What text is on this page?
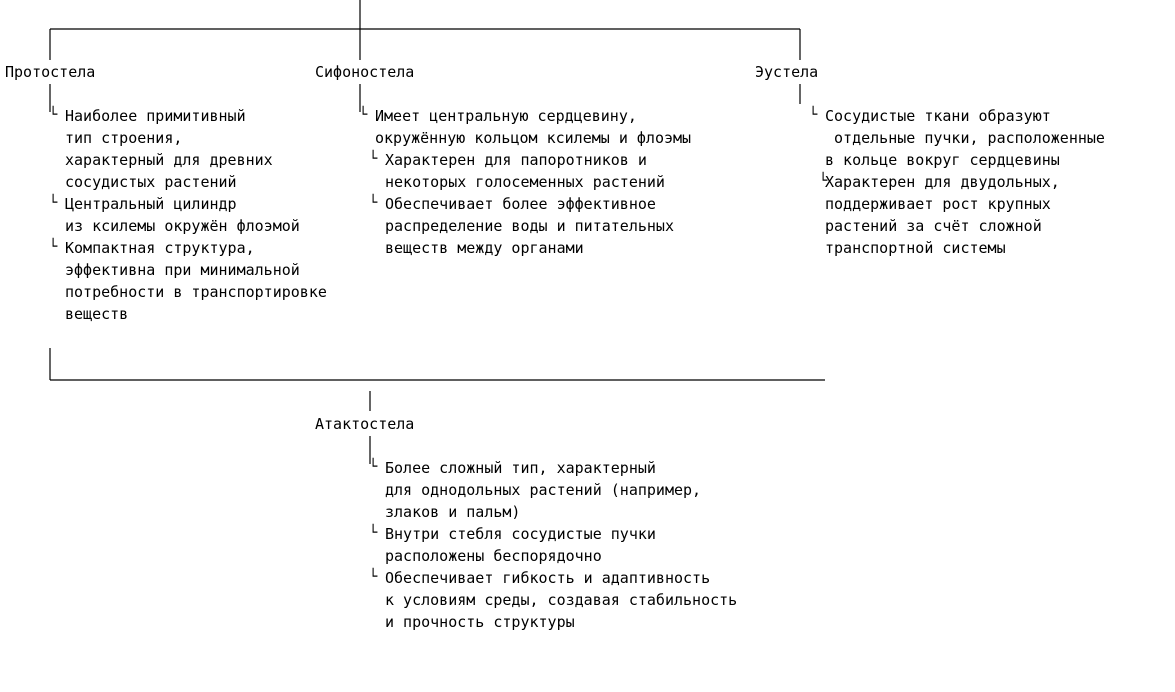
Протостела
└ Наиболее примитивный
тип строения,
характерный для древних
сосудистых растений
└ Центральный цилиндр
из ксилемы окружён флоэмой
└ Компактная структура,
эффективна при минимальной
потребности в транспортировке
веществ
Сифоностела
└ Имеет центральную сердцевину,
окружённую кольцом ксилемы и флоэмы
└ Характерен для папоротников и
некоторых голосеменных растений
└ Обеспечивает более эффективное
распределение воды и питательных
веществ между органами
Эустела
└ Сосудистые ткани образуют
отдельные пучки, расположенные
в кольце вокруг сердцевины
└
Характерен для двудольных,
поддерживает рост крупных
растений за счёт сложной
транспортной системы
Атактостела
└ Более сложный тип, характерный
для однодольных растений (например,
злаков и пальм)
└ Внутри стебля сосудистые пучки
расположены беспорядочно
└ Обеспечивает гибкость и адаптивность
к условиям среды, создавая стабильность
и прочность структуры
